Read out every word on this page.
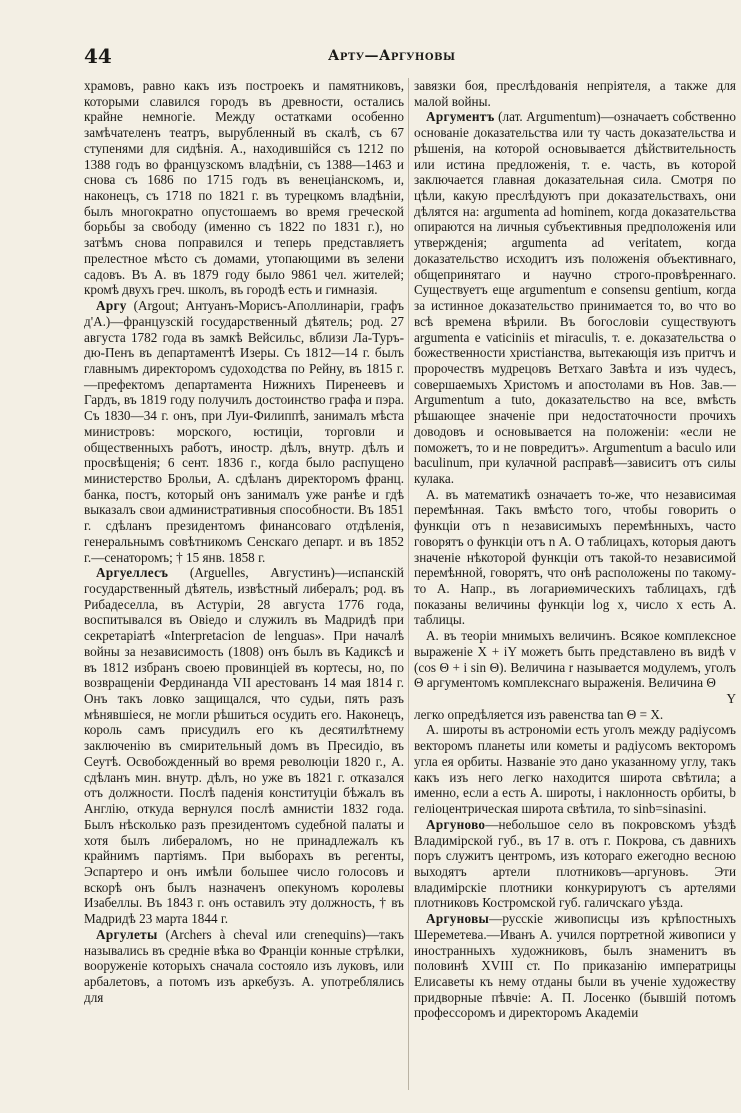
44	Арту—Аргуновы

храмовъ, равно какъ изъ построекъ и памятниковъ, которыми славился городъ въ древности, остались крайне немногіе. Между остатками особенно замѣчателенъ театръ, вырубленный въ скалѣ, съ 67 ступенями для сидѣнія. А., находившійся съ 1212 по 1388 годъ во французскомъ владѣніи, съ 1388—1463 и снова съ 1686 по 1715 годъ въ венеціанскомъ, и, наконецъ, съ 1718 по 1821 г. въ турецкомъ владѣніи, былъ многократно опустошаемъ во время греческой борьбы за свободу (именно съ 1822 по 1831 г.), но затѣмъ снова поправился и теперь представляетъ прелестное мѣсто съ домами, утопающими въ зелени садовъ. Въ А. въ 1879 году было 9861 чел. жителей; кромѣ двухъ греч. школъ, въ городѣ есть и гимназія.

Аргу (Argout; Антуанъ-Морисъ-Аполлинаріи, графъ д'А.)—французскій государственный дѣятель; род. 27 августа 1782 года въ замкѣ Вейсильс, вблизи Ла-Туръ-дю-Пенъ въ департаментѣ Изеры. Съ 1812—14 г. былъ главнымъ директоромъ судоходства по Рейну, въ 1815 г.—префектомъ департамента Нижнихъ Пиренеевъ и Гардъ, въ 1819 году получилъ достоинство графа и пэра. Съ 1830—34 г. онъ, при Луи-Филиппѣ, занималъ мѣста министровъ: морского, юстиціи, торговли и общественныхъ работъ, иностр. дѣлъ, внутр. дѣлъ и просвѣщенія; 6 сент. 1836 г., когда было распущено министерство Брольи, А. сдѣланъ директоромъ франц. банка, постъ, который онъ занималъ уже ранѣе и гдѣ выказалъ свои административныя способности. Въ 1851 г. сдѣланъ президентомъ финансоваго отдѣленія, генеральнымъ совѣтникомъ Сенскаго департ. и въ 1852 г.—сенаторомъ; † 15 янв. 1858 г.

Аргуеллесъ (Arguelles, Августинъ)—испанскій государственный дѣятель, извѣстный либералъ; род. въ Рибадеселла, въ Астуріи, 28 августа 1776 года, воспитывался въ Овіедо и служилъ въ Мадридѣ при секретаріатѣ «Interpretacion de lenguas». При началѣ войны за независимость (1808) онъ былъ въ Кадиксѣ и въ 1812 избранъ своею провинціей въ кортесы, но, по возвращеніи Фердинанда VII арестованъ 14 мая 1814 г. Онъ такъ ловко защищался, что судьи, пять разъ мѣнявшіеся, не могли рѣшиться осудить его. Наконецъ, король самъ присудилъ его къ десятилѣтнему заключенію въ смирительный домъ въ Пресидіо, въ Сеутѣ. Освобожденный во время революціи 1820 г., А. сдѣланъ мин. внутр. дѣлъ, но уже въ 1821 г. отказался отъ должности. Послѣ паденія конституціи бѣжалъ въ Англію, откуда вернулся послѣ амнистіи 1832 года. Былъ нѣсколько разъ президентомъ судебной палаты и хотя былъ либераломъ, но не принадлежалъ къ крайнимъ партіямъ. При выборахъ въ регенты, Эспартеро и онъ имѣли большее число голосовъ и вскорѣ онъ былъ назначенъ опекуномъ королевы Изабеллы. Въ 1843 г. онъ оставилъ эту должность, † въ Мадридѣ 23 марта 1844 г.

Аргулеты (Archers à cheval или crenequins)—такъ назывались въ средніе вѣка во Франціи конные стрѣлки, вооруженіе которыхъ сначала состояло изъ луковъ, или арбалетовъ, а потомъ изъ аркебузъ. А. употреблялись для

завязки боя, преслѣдованія непріятеля, а также для малой войны.

Аргументъ (лат. Argumentum)—означаетъ собственно основаніе доказательства или ту часть доказательства и рѣшенія, на которой основывается дѣйствительность или истина предложенія, т. е. часть, въ которой заключается главная доказательная сила. Смотря по цѣли, какую преслѣдуютъ при доказательствахъ, они дѣлятся на: argumenta ad hominem, когда доказательства опираются на личныя субъективныя предположенія или утвержденія; argumenta ad veritatem, когда доказательство исходитъ изъ положенія объективнаго, общепринятаго и научно строго-провѣреннаго. Существуетъ еще argumentum e consensu gentium, когда за истинное доказательство принимается то, во что во всѣ времена вѣрили. Въ богословіи существуютъ argumenta e vaticiniis et miraculis, т. е. доказательства о божественности христіанства, вытекающія изъ притчъ и пророчествъ мудрецовъ Ветхаго Завѣта и изъ чудесъ, совершаемыхъ Христомъ и апостолами въ Нов. Зав.—Argumentum a tuto, доказательство на все, вмѣсть рѣшающее значеніе при недостаточности прочихъ доводовъ и основывается на положеніи: «если не поможетъ, то и не повредитъ». Argumentum a baculo или baculinum, при кулачной расправѣ—зависитъ отъ силы кулака.

А. въ математикѣ означаетъ то-же, что независимая перемѣнная. Такъ вмѣсто того, чтобы говорить о функціи отъ n независимыхъ перемѣнныхъ, часто говорятъ о функціи отъ n А. О таблицахъ, которыя даютъ значеніе нѣкоторой функціи отъ такой-то независимой перемѣнной, говорятъ, что онѣ расположены по такому-то А. Напр., въ логариѳмическихъ таблицахъ, гдѣ показаны величины функціи log x, число x есть А. таблицы.

А. въ теоріи мнимыхъ величинъ. Всякое комплексное выраженіе X + iY можетъ быть представлено въ видѣ v (cos Θ + i sin Θ). Величина r называется модулемъ, уголъ Θ аргументомъ комплекснаго выраженія. Величина Θ

Y

легко опредѣляется изъ равенства tan Θ = X.

А. широты въ астрономіи есть уголъ между радіусомъ векторомъ планеты или кометы и радіусомъ векторомъ угла ея орбиты. Названіе это дано указанному углу, такъ какъ изъ него легко находится широта свѣтила; а именно, если a есть А. широты, i наклонность орбиты, b геліоцентрическая широта свѣтила, то sinb=sinasini.

Аргуново—небольшое село въ покровскомъ уѣздѣ Владимірской губ., въ 17 в. отъ г. Покрова, съ давнихъ поръ служитъ центромъ, изъ котораго ежегодно весною выходятъ артели плотниковъ—аргуновъ. Эти владимірскіе плотники конкурируютъ съ артелями плотниковъ Костромской губ. галичскаго уѣзда.

Аргуновы—русскіе живописцы изъ крѣпостныхъ Шереметева.—Иванъ А. учился портретной живописи у иностранныхъ художниковъ, былъ знаменитъ въ половинѣ XVIII ст. По приказанію императрицы Елисаветы къ нему отданы были въ ученіе художеству придворные пѣвчіе: А. П. Лосенко (бывшій потомъ профессоромъ и директоромъ Академіи
